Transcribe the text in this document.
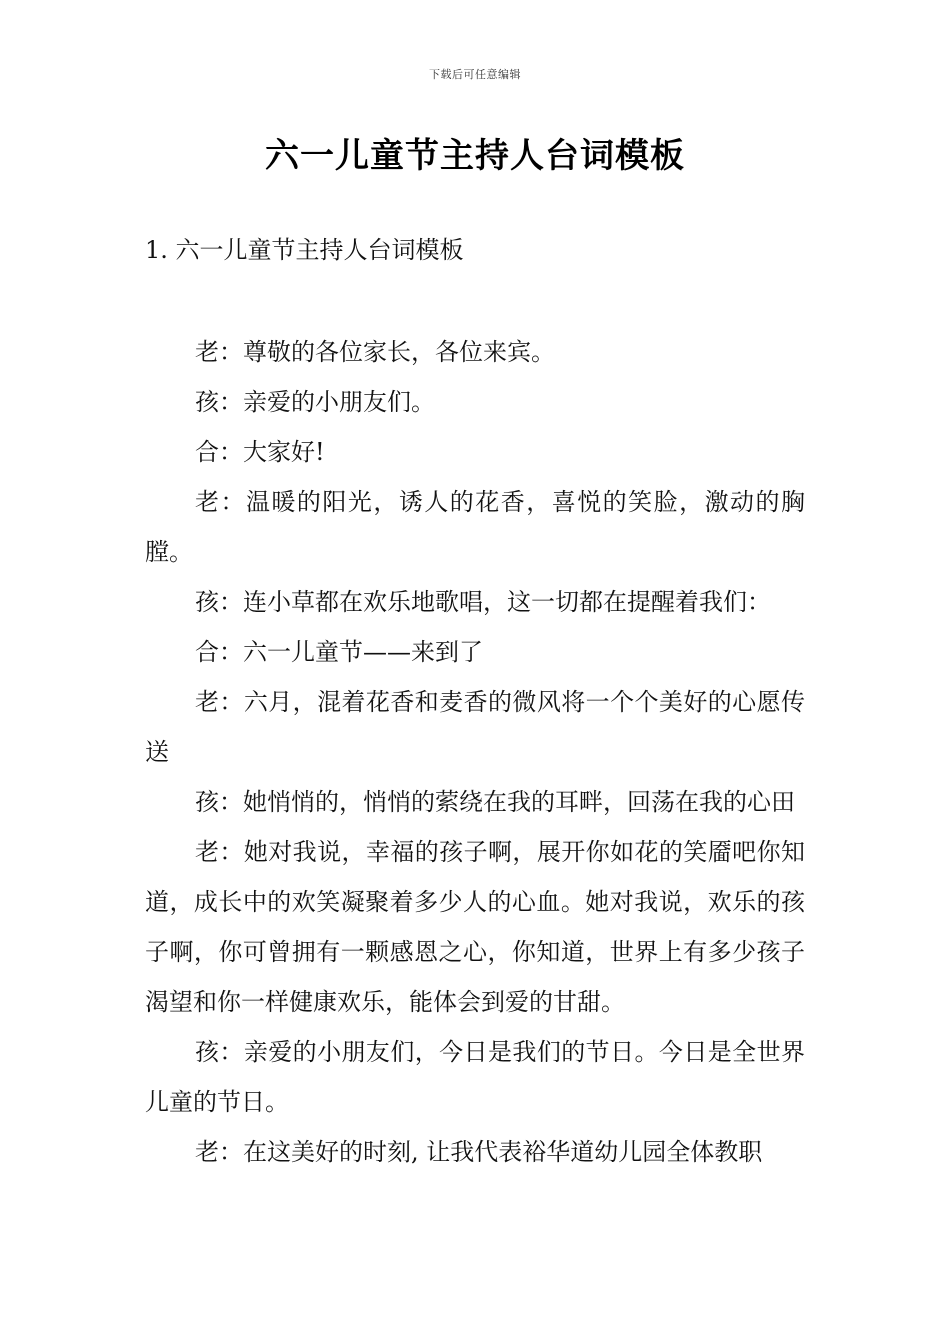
下载后可任意编辑
六一儿童节主持人台词模板
1. 六一儿童节主持人台词模板

老：尊敬的各位家长，各位来宾。

孩：亲爱的小朋友们。

合：大家好!

老：温暖的阳光，诱人的花香，喜悦的笑脸，激动的胸膛。

孩：连小草都在欢乐地歌唱，这一切都在提醒着我们：

合：六一儿童节——来到了

老：六月，混着花香和麦香的微风将一个个美好的心愿传送

孩：她悄悄的，悄悄的萦绕在我的耳畔，回荡在我的心田

老：她对我说，幸福的孩子啊，展开你如花的笑靥吧你知道，成长中的欢笑凝聚着多少人的心血。她对我说，欢乐的孩子啊，你可曾拥有一颗感恩之心，你知道，世界上有多少孩子渴望和你一样健康欢乐，能体会到爱的甘甜。

孩：亲爱的小朋友们，今日是我们的节日。今日是全世界儿童的节日。

老：在这美好的时刻, 让我代表裕华道幼儿园全体教职
